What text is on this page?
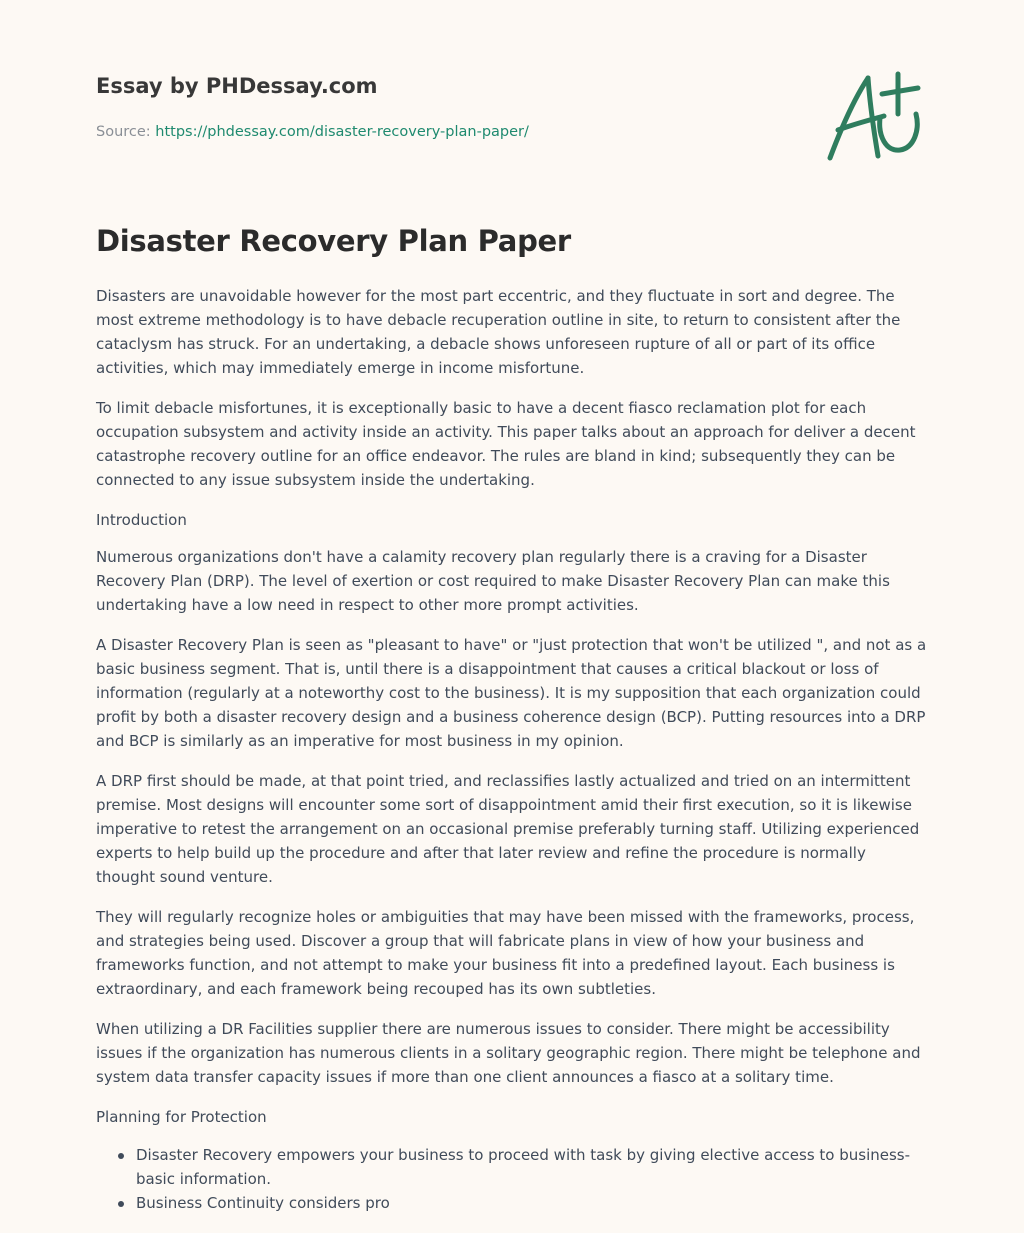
Essay by PHDessay.com
Source: https://phdessay.com/disaster-recovery-plan-paper/
Disaster Recovery Plan Paper

Disasters are unavoidable however for the most part eccentric, and they fluctuate in sort and degree. The most extreme methodology is to have debacle recuperation outline in site, to return to consistent after the cataclysm has struck. For an undertaking, a debacle shows unforeseen rupture of all or part of its office activities, which may immediately emerge in income misfortune.

To limit debacle misfortunes, it is exceptionally basic to have a decent fiasco reclamation plot for each occupation subsystem and activity inside an activity. This paper talks about an approach for deliver a decent catastrophe recovery outline for an office endeavor. The rules are bland in kind; subsequently they can be connected to any issue subsystem inside the undertaking.

Introduction

Numerous organizations don't have a calamity recovery plan regularly there is a craving for a Disaster Recovery Plan (DRP). The level of exertion or cost required to make Disaster Recovery Plan can make this undertaking have a low need in respect to other more prompt activities.

A Disaster Recovery Plan is seen as "pleasant to have" or "just protection that won't be utilized ", and not as a basic business segment. That is, until there is a disappointment that causes a critical blackout or loss of information (regularly at a noteworthy cost to the business). It is my supposition that each organization could profit by both a disaster recovery design and a business coherence design (BCP). Putting resources into a DRP and BCP is similarly as an imperative for most business in my opinion.

A DRP first should be made, at that point tried, and reclassifies lastly actualized and tried on an intermittent premise. Most designs will encounter some sort of disappointment amid their first execution, so it is likewise imperative to retest the arrangement on an occasional premise preferably turning staff. Utilizing experienced experts to help build up the procedure and after that later review and refine the procedure is normally thought sound venture.

They will regularly recognize holes or ambiguities that may have been missed with the frameworks, process, and strategies being used. Discover a group that will fabricate plans in view of how your business and frameworks function, and not attempt to make your business fit into a predefined layout. Each business is extraordinary, and each framework being recouped has its own subtleties.

When utilizing a DR Facilities supplier there are numerous issues to consider. There might be accessibility issues if the organization has numerous clients in a solitary geographic region. There might be telephone and system data transfer capacity issues if more than one client announces a fiasco at a solitary time.

Planning for Protection

Disaster Recovery empowers your business to proceed with task by giving elective access to business-basic information.
Business Continuity considers pro
